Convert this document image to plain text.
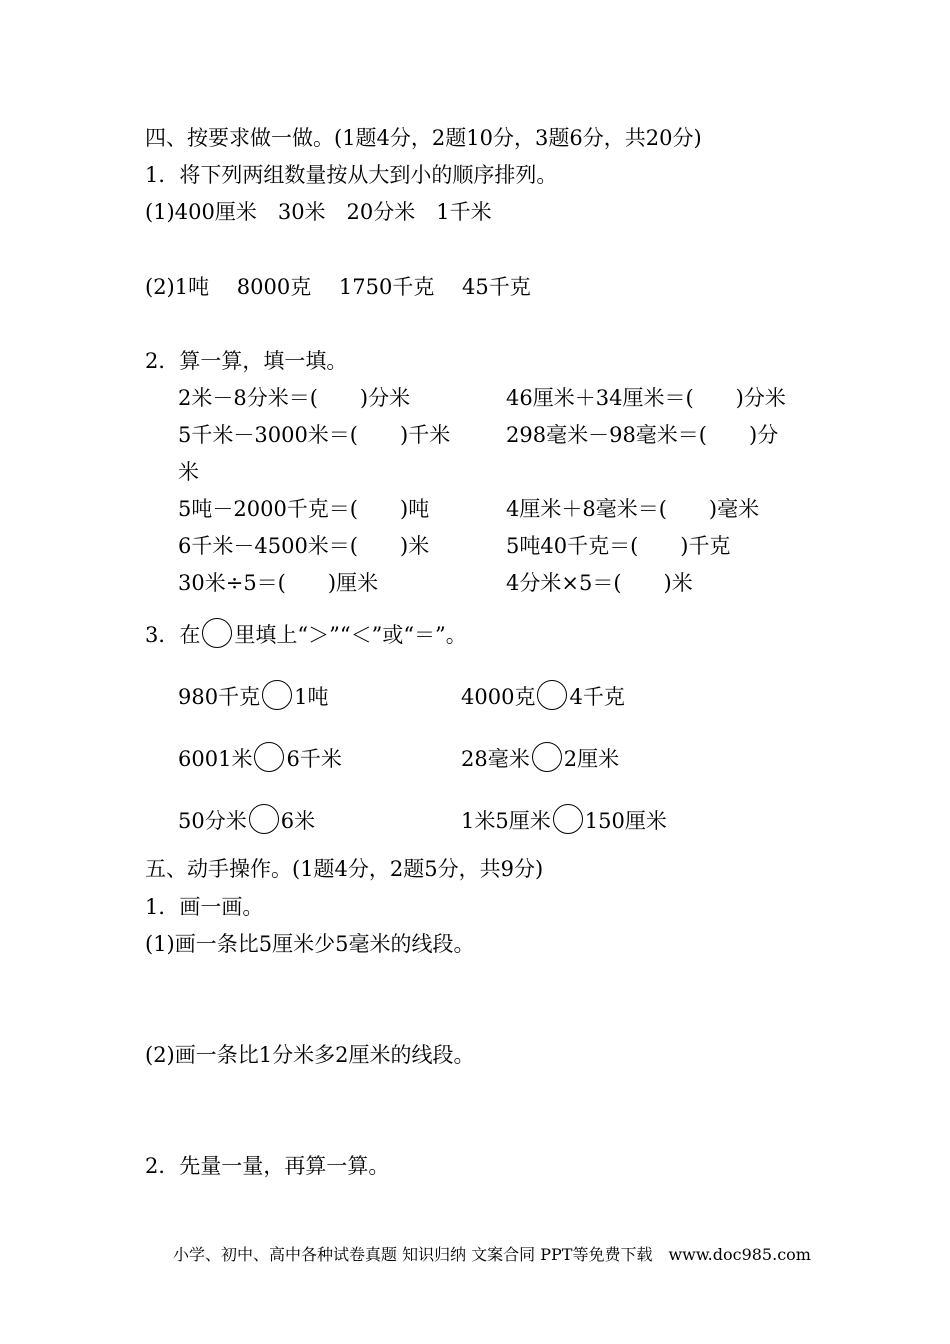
四、按要求做一做。(1题4分，2题10分，3题6分，共20分)
1．将下列两组数量按从大到小的顺序排列。
(1)400厘米　30米　20分米　1千米
(2)1吨　 8000克　 1750千克　 45千克
2．算一算，填一填。
2米－8分米＝(　　)分米	46厘米＋34厘米＝(　　)分米
5千米－3000米＝(　　)千米	298毫米－98毫米＝(　　)分
米
5吨－2000千克＝(　　)吨	4厘米＋8毫米＝(　　)毫米
6千米－4500米＝(　　)米	5吨40千克＝(　　)千克
30米÷5＝(　　)厘米	4分米×5＝(　　)米
3．在 里填上“＞”“＜”或“＝”。
980千克 1吨	4000克 4千克
6001米 6千米	28毫米 2厘米
50分米 6米	1米5厘米 150厘米
五、动手操作。(1题4分，2题5分，共9分)
1．画一画。
(1)画一条比5厘米少5毫米的线段。
(2)画一条比1分米多2厘米的线段。
2．先量一量，再算一算。
小学、初中、高中各种试卷真题 知识归纳 文案合同 PPT等免费下载　www.doc985.com
